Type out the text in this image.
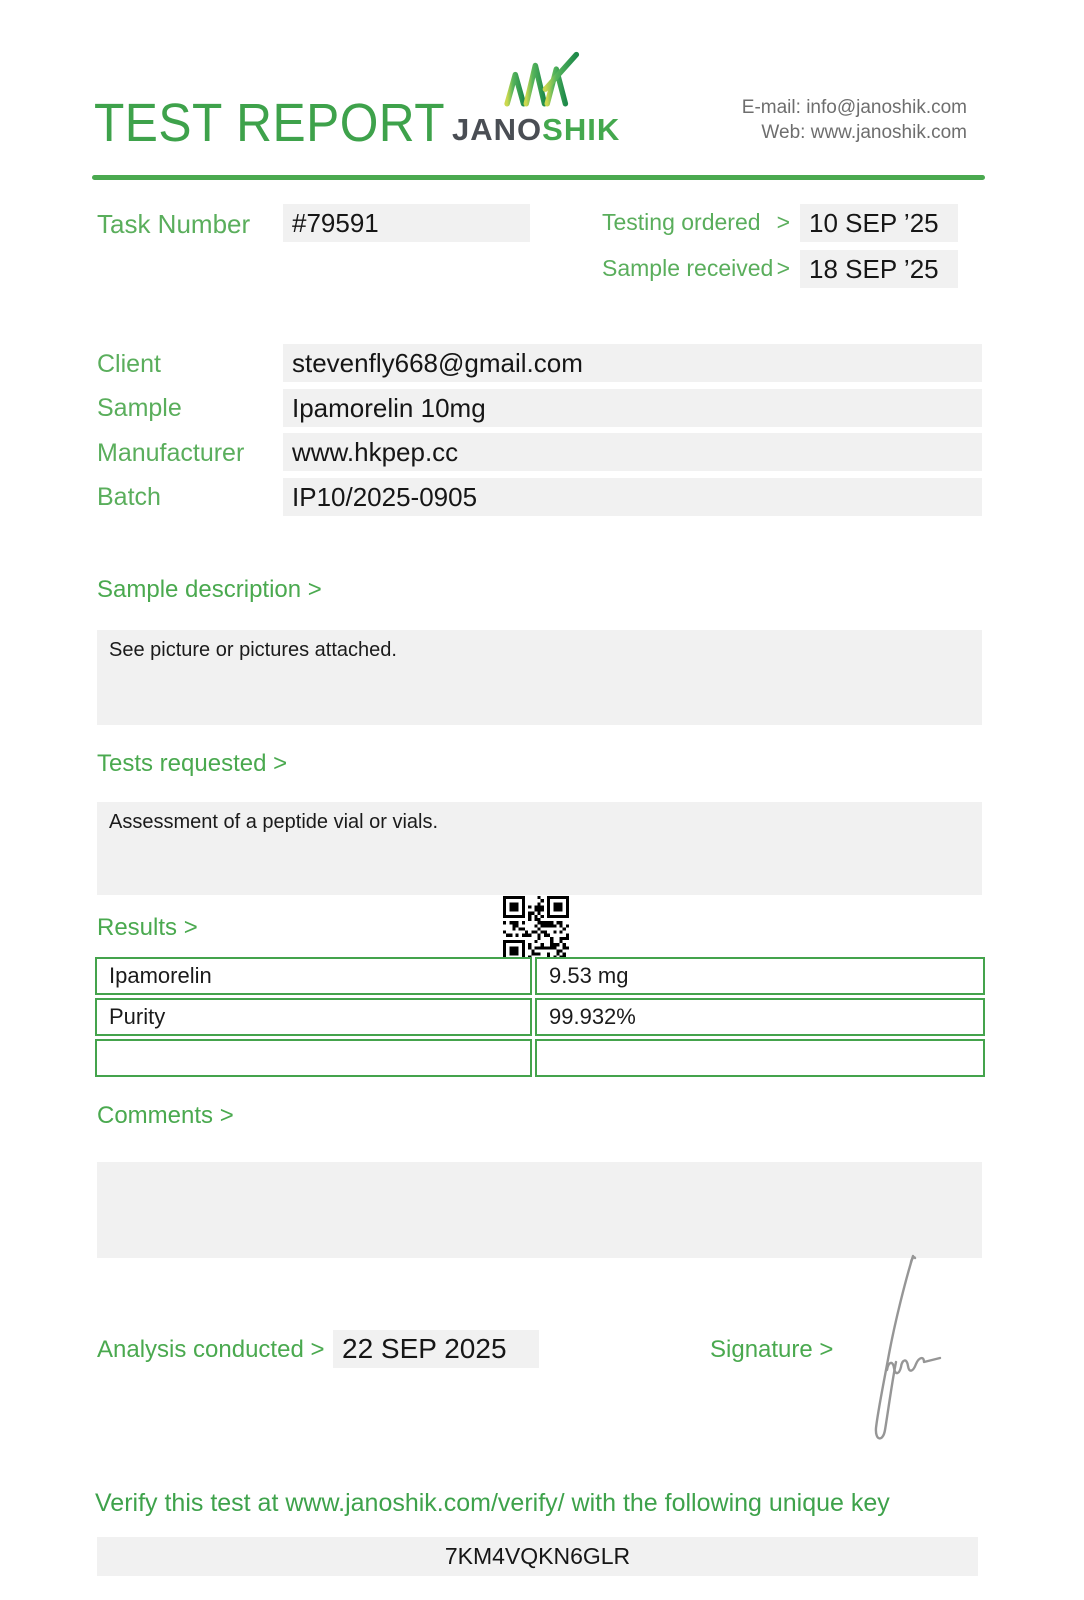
TEST REPORT JANOSHIK
E-mail: info@janoshik.com
Web: www.janoshik.com
Task Number #79591	Testing ordered > 10 SEP ’25
Sample received > 18 SEP ’25
Client	stevenfly668@gmail.com
Sample	Ipamorelin 10mg
Manufacturer www.hkpep.cc
Batch	IP10/2025-0905
Sample description >
See picture or pictures attached.
Tests requested >
Assessment of a peptide vial or vials.
Results >
Ipamorelin	9.53 mg
Purity	99.932%
Comments >
Analysis conducted > 22 SEP 2025	Signature >
Verify this test at www.janoshik.com/verify/ with the following unique key
7KM4VQKN6GLR
